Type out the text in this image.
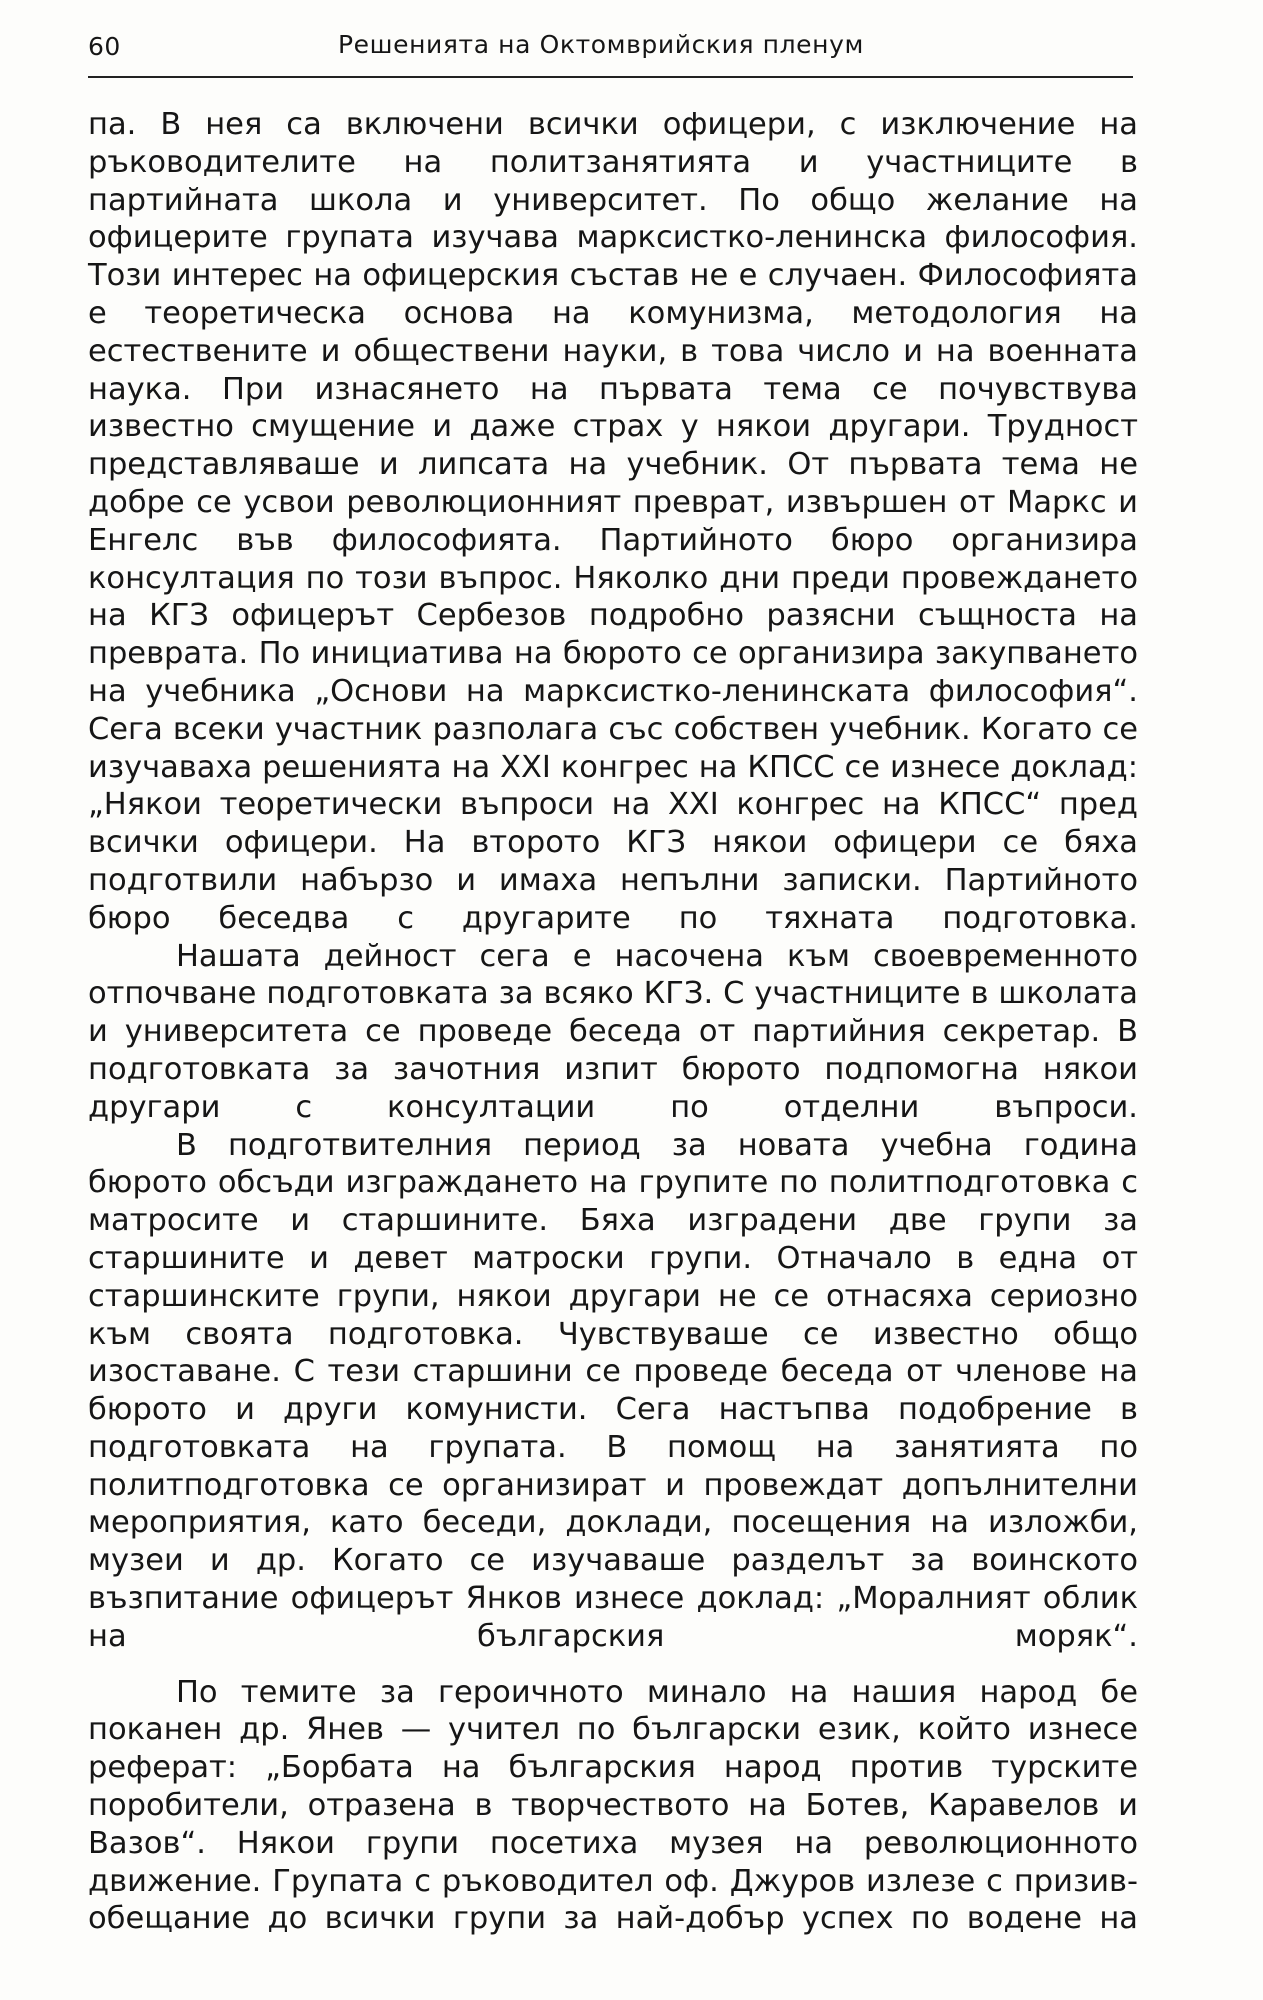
60	Решенията на Октомврийския пленум

па. В нея са включени всички офицери, с изключение на ръководителите на политзанятията и участниците в партийната школа и университет. По общо желание на офицерите групата изучава марксистко-ленинска философия. Този интерес на офицерския състав не е случаен. Философията е теоретическа основа на комунизма, методология на естествените и обществени науки, в това число и на военната наука. При изнасянето на първата тема се почувствува известно смущение и даже страх у някои другари. Трудност представляваше и липсата на учебник. От първата тема не добре се усвои революционният преврат, извършен от Маркс и Енгелс във философията. Партийното бюро организира консултация по този въпрос. Няколко дни преди провеждането на КГЗ офицерът Сербезов подробно разясни същноста на преврата. По инициатива на бюрото се организира закупването на учебника „Основи на марксистко-ленинската философия“. Сега всеки участник разполага със собствен учебник. Когато се изучаваха решенията на XXI конгрес на КПСС се изнесе доклад: „Някои теоретически въпроси на XXI конгрес на КПСС“ пред всички офицери. На второто КГЗ някои офицери се бяха подготвили набързо и имаха непълни записки. Партийното бюро беседва с другарите по тяхната подготовка.

Нашата дейност сега е насочена към своевременното отпочване подготовката за всяко КГЗ. С участниците в школата и университета се проведе беседа от партийния секретар. В подготовката за зачотния изпит бюрото подпомогна някои другари с консултации по отделни въпроси.

В подготвителния период за новата учебна година бюрото обсъди изграждането на групите по политподготовка с матросите и старшините. Бяха изградени две групи за старшините и девет матроски групи. Отначало в една от старшинските групи, някои другари не се отнасяха сериозно към своята подготовка. Чувствуваше се известно общо изоставане. С тези старшини се проведе беседа от членове на бюрото и други комунисти. Сега настъпва подобрение в подготовката на групата. В помощ на занятията по политподготовка се организират и провеждат допълнителни мероприятия, като беседи, доклади, посещения на изложби, музеи и др. Когато се изучаваше разделът за воинското възпитание офицерът Янков изнесе доклад: „Моралният облик на българския моряк“.

По темите за героичното минало на нашия народ бе поканен др. Янев — учител по български език, който изнесе реферат: „Борбата на българския народ против турските поробители, отразена в творчеството на Ботев, Каравелов и Вазов“. Някои групи посетиха музея на революционното движение. Групата с ръководител оф. Джуров излезе с призив-обещание до всички групи за най-добър успех по водене на
